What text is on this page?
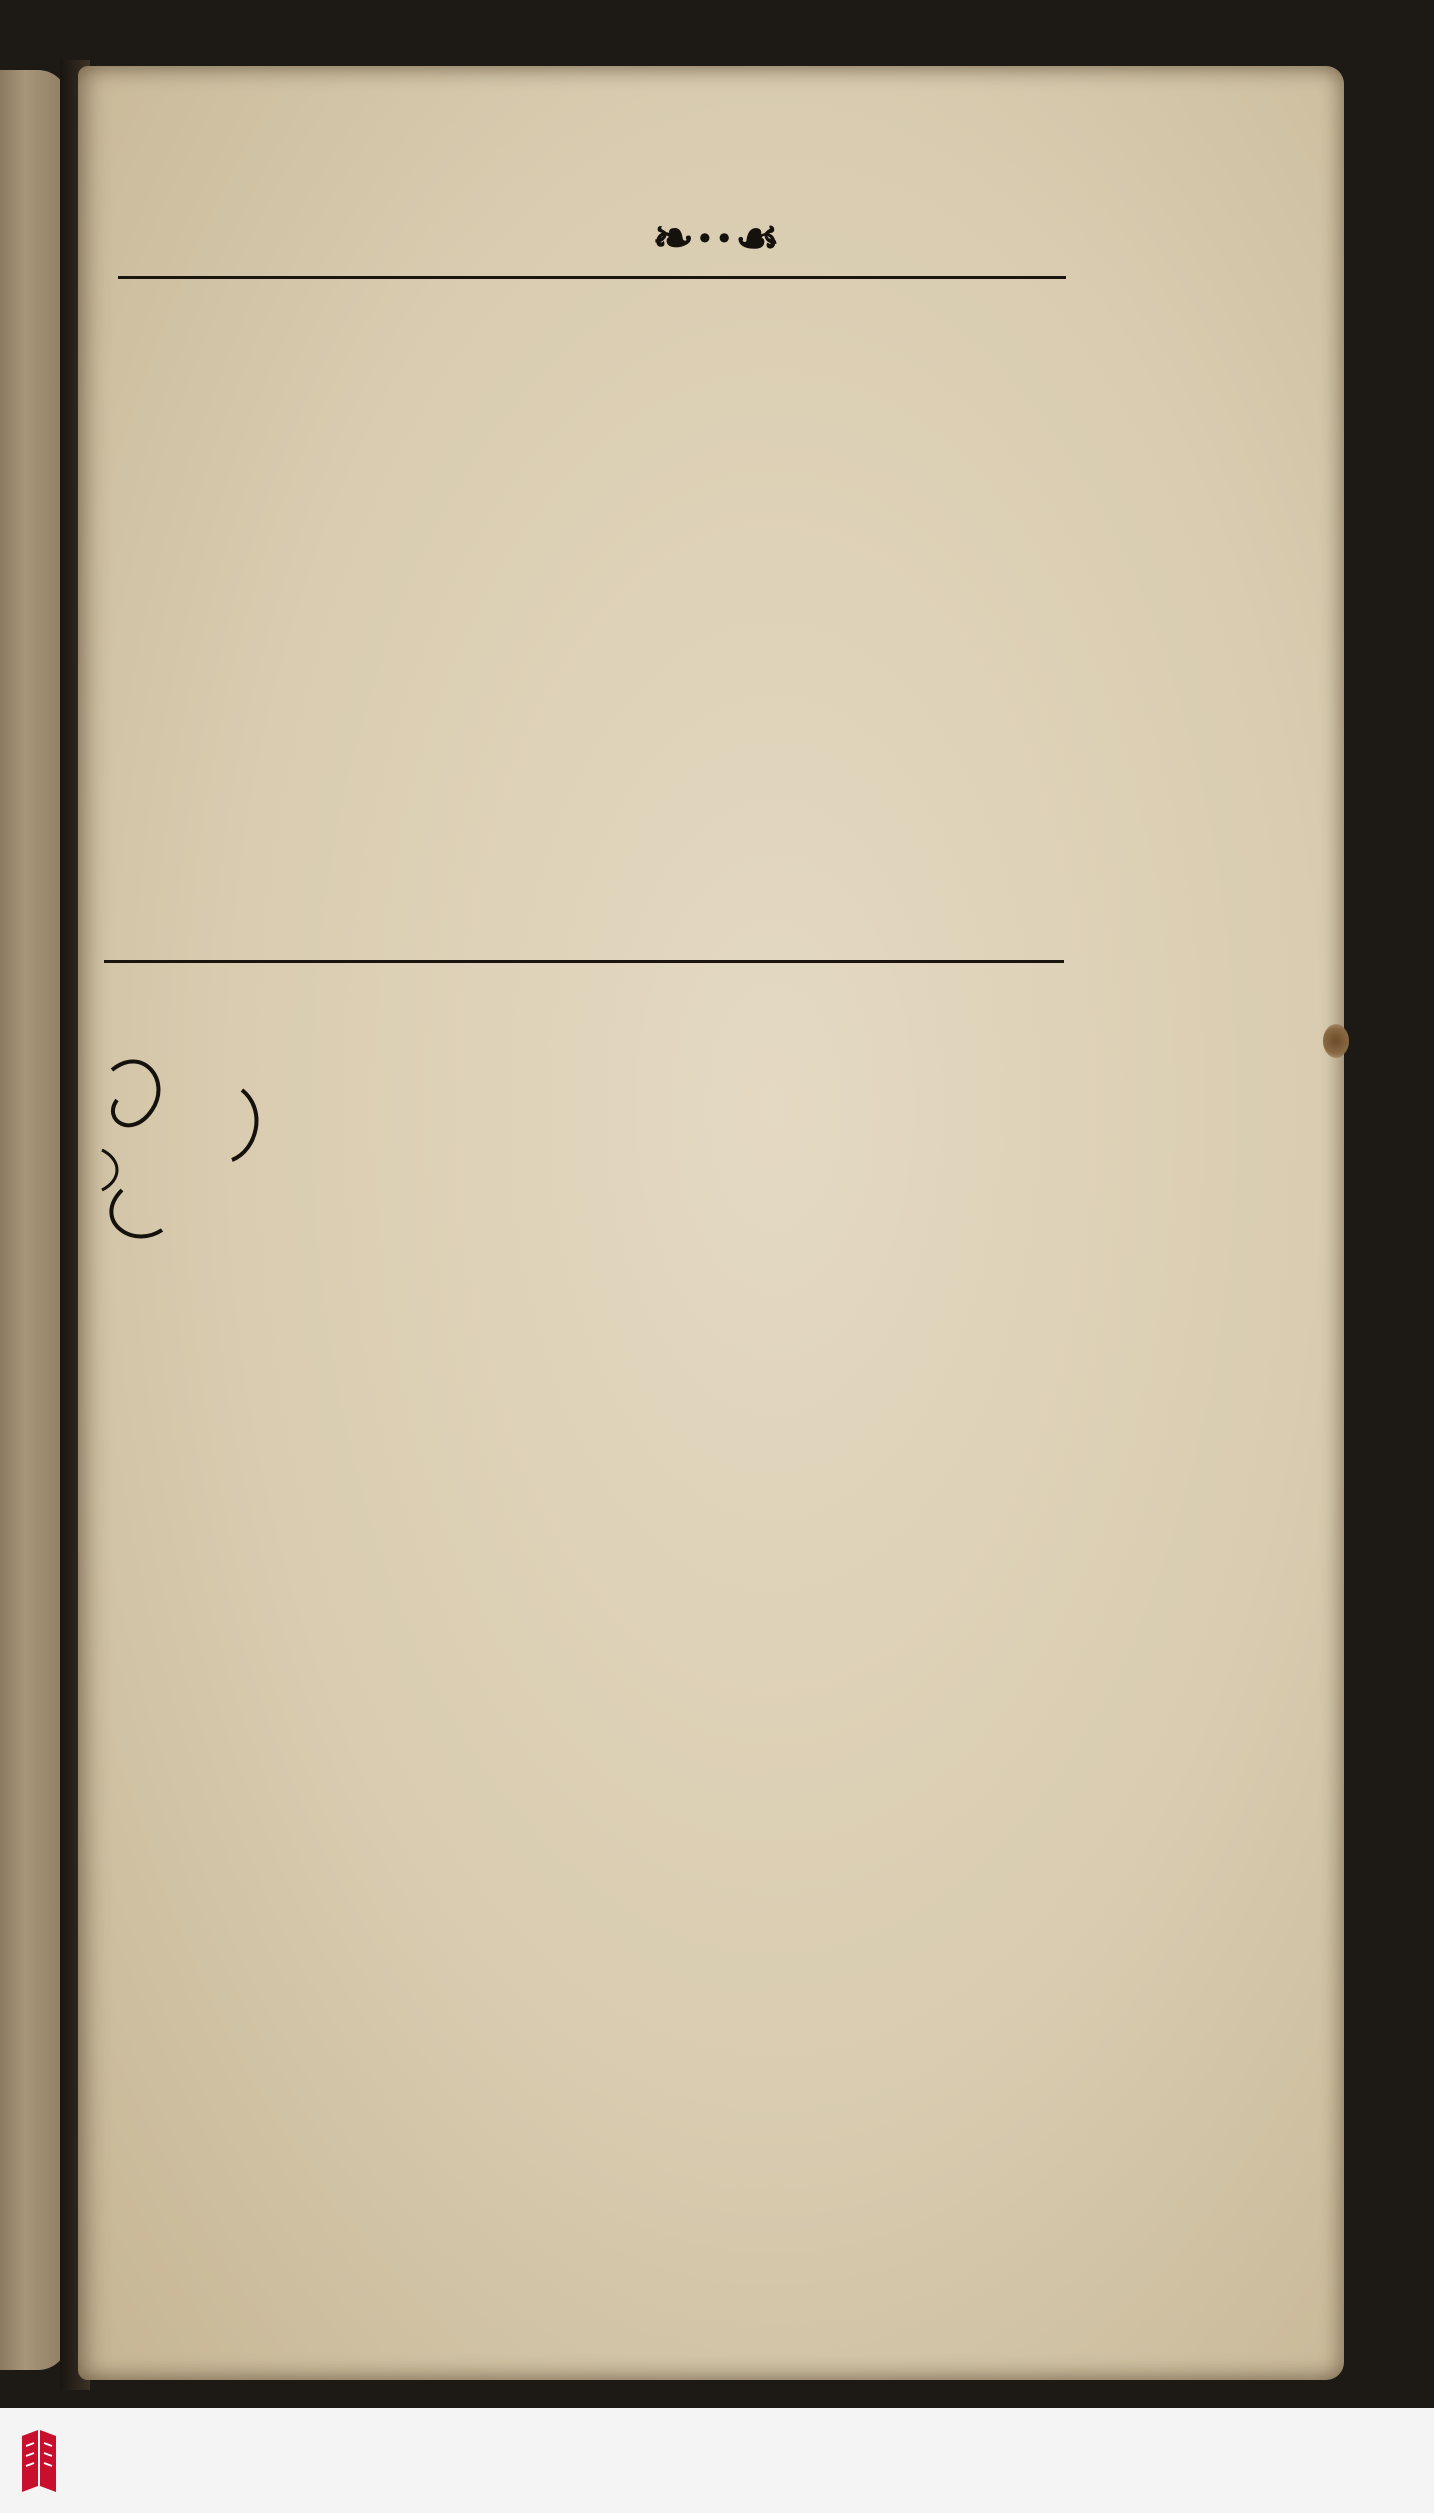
❧··☙
